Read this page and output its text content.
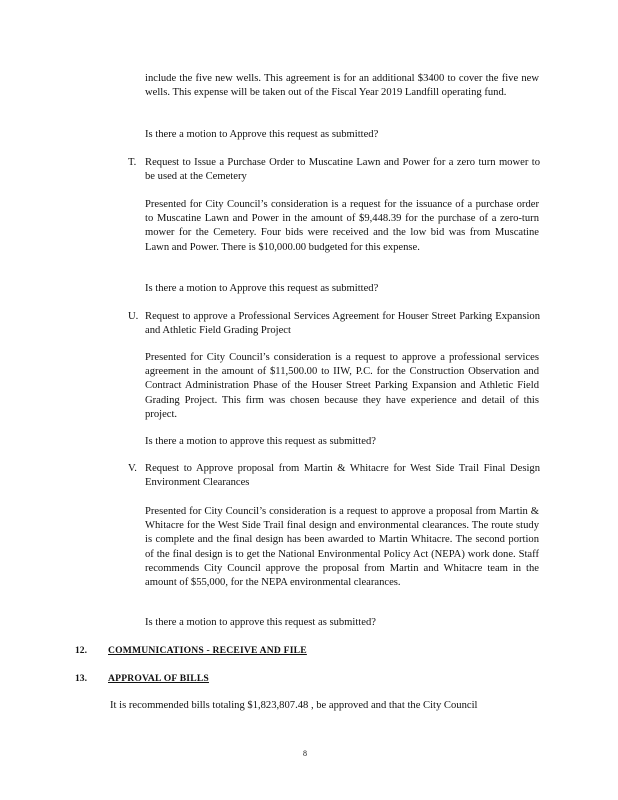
include the five new wells. This agreement is for an additional $3400 to cover the five new wells. This expense will be taken out of the Fiscal Year 2019 Landfill operating fund.

Is there a motion to Approve this request as submitted?

T. Request to Issue a Purchase Order to Muscatine Lawn and Power for a zero turn mower to be used at the Cemetery

Presented for City Council’s consideration is a request for the issuance of a purchase order to Muscatine Lawn and Power in the amount of $9,448.39 for the purchase of a zero-turn mower for the Cemetery. Four bids were received and the low bid was from Muscatine Lawn and Power. There is $10,000.00 budgeted for this expense.

Is there a motion to Approve this request as submitted?

U. Request to approve a Professional Services Agreement for Houser Street Parking Expansion and Athletic Field Grading Project

Presented for City Council’s consideration is a request to approve a professional services agreement in the amount of $11,500.00 to IIW, P.C. for the Construction Observation and Contract Administration Phase of the Houser Street Parking Expansion and Athletic Field Grading Project. This firm was chosen because they have experience and detail of this project.

Is there a motion to approve this request as submitted?

V. Request to Approve proposal from Martin & Whitacre for West Side Trail Final Design Environment Clearances

Presented for City Council’s consideration is a request to approve a proposal from Martin & Whitacre for the West Side Trail final design and environmental clearances. The route study is complete and the final design has been awarded to Martin Whitacre. The second portion of the final design is to get the National Environmental Policy Act (NEPA) work done. Staff recommends City Council approve the proposal from Martin and Whitacre team in the amount of $55,000, for the NEPA environmental clearances.

Is there a motion to approve this request as submitted?

12. COMMUNICATIONS - RECEIVE AND FILE
13. APPROVAL OF BILLS

It is recommended bills totaling $1,823,807.48 , be approved and that the City Council

8
